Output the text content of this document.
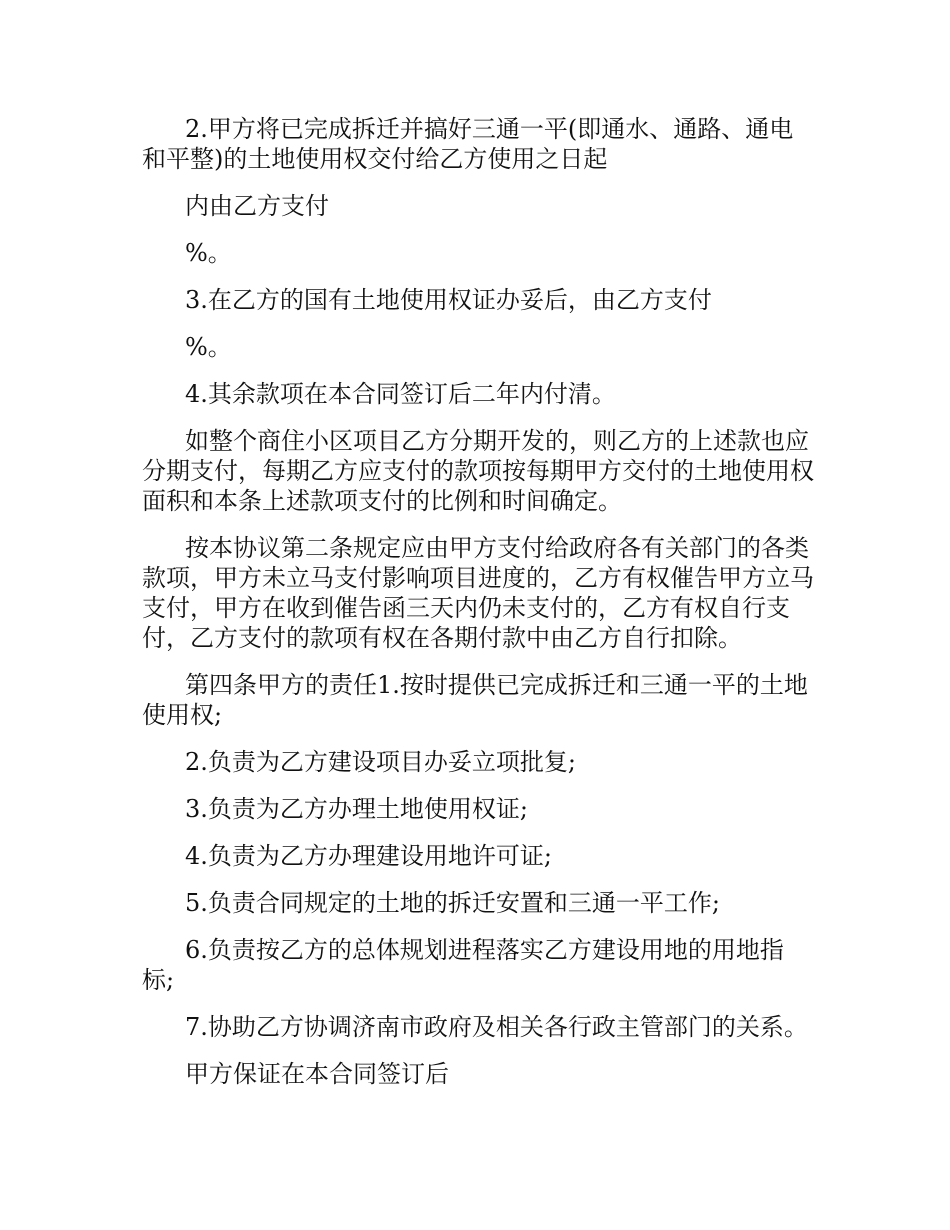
2.甲方将已完成拆迁并搞好三通一平(即通水、通路、通电和平整)的土地使用权交付给乙方使用之日起

内由乙方支付

%。

3.在乙方的国有土地使用权证办妥后，由乙方支付

%。

4.其余款项在本合同签订后二年内付清。

如整个商住小区项目乙方分期开发的，则乙方的上述款也应分期支付，每期乙方应支付的款项按每期甲方交付的土地使用权面积和本条上述款项支付的比例和时间确定。

按本协议第二条规定应由甲方支付给政府各有关部门的各类款项，甲方未立马支付影响项目进度的，乙方有权催告甲方立马支付，甲方在收到催告函三天内仍未支付的，乙方有权自行支付，乙方支付的款项有权在各期付款中由乙方自行扣除。

第四条甲方的责任1.按时提供已完成拆迁和三通一平的土地使用权;

2.负责为乙方建设项目办妥立项批复;

3.负责为乙方办理土地使用权证;

4.负责为乙方办理建设用地许可证;

5.负责合同规定的土地的拆迁安置和三通一平工作;

6.负责按乙方的总体规划进程落实乙方建设用地的用地指标;

7.协助乙方协调济南市政府及相关各行政主管部门的关系。

甲方保证在本合同签订后
